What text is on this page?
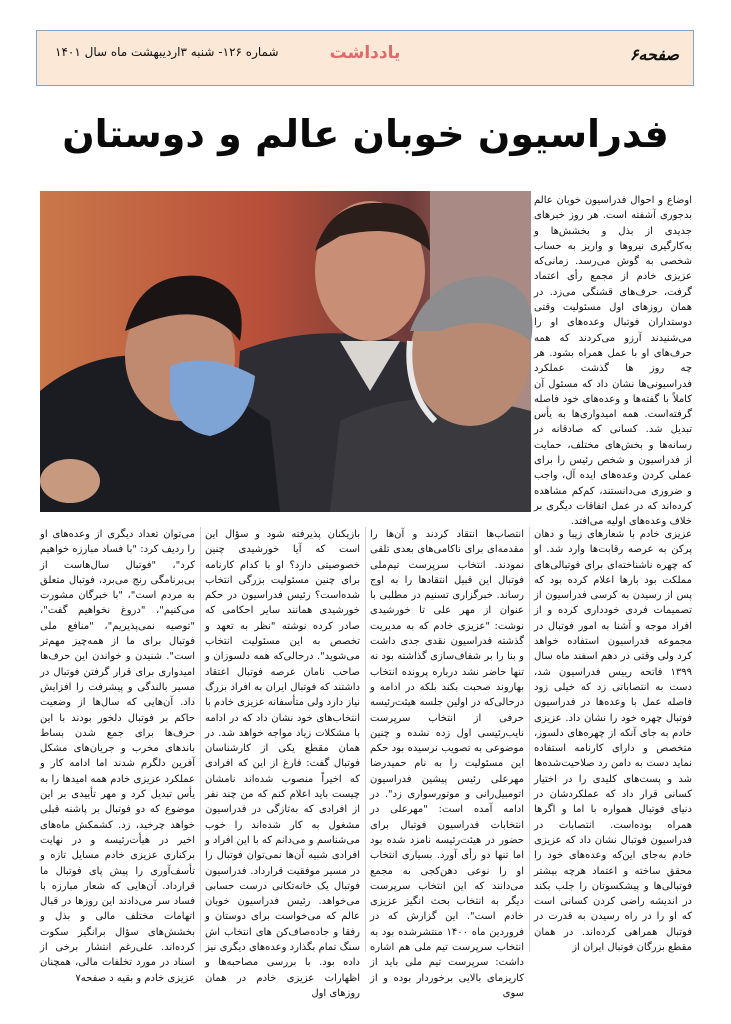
صفحه۶
یادداشت
شماره ۱۲۶- شنبه ۳اردیبهشت ماه سال ۱۴۰۱
فدراسیون خوبان عالم و دوستان

اوضاع و احوال فدراسیون خوبان عالم بدجوری آشفته است. هر روز خبرهای جدیدی از بذل و بخشش‌ها و به‌کارگیری نیروها و واریز به حساب شخصی به گوش می‌رسد. زمانی‌که عزیزی خادم از مجمع رأی اعتماد گرفت، حرف‌های قشنگی می‌زد. در همان روزهای اول مسئولیت وقتی دوستداران فوتبال وعده‌های او را می‌شنیدند آرزو می‌کردند که همه حرف‌های او با عمل همراه بشود. هر چه روز ها گذشت عملکرد فدراسیونی‌ها نشان داد که مسئول آن کاملاً با گفته‌ها و وعده‌های خود فاصله گرفته‌است. همه امیدواری‌ها به یأس تبدیل شد. کسانی که صادقانه در رسانه‌ها و بخش‌های مختلف، حمایت از فدراسیون و شخص رئیس را برای عملی کردن وعده‌های ایده آل، واجب و ضروری می‌دانستند، کم‌کم مشاهده کرده‌اند که در عمل اتفاقات دیگری بر خلاف وعده‌های اولیه می‌افتد.

عزیزی خادم با شعارهای زیبا و دهان پرکن به عرصه رقابت‌ها وارد شد. او که چهره ناشناخته‌ای برای فوتبالی‌های مملکت بود بارها اعلام کرده بود که پس از رسیدن به کرسی فدراسیون از تصمیمات فردی خودداری کرده و از افراد موجه و آشنا به امور فوتبال در مجموعه فدراسیون استفاده خواهد کرد ولی وقتی در دهم اسفند ماه سال ۱۳۹۹ فاتحه رییس فدراسیون شد، دست به انتصاباتی زد که خیلی زود فاصله عمل با وعده‌ها در فدراسیون فوتبال چهره خود را نشان داد. عزیزی خادم به جای آنکه از چهره‌های دلسوز، متخصص و دارای کارنامه استفاده نماید دست به دامن رد صلاحیت‌شده‌ها شد و پست‌های کلیدی را در اختیار کسانی قرار داد که عملکردشان در دنیای فوتبال همواره با اما و اگرها همراه بوده‌است. انتصابات در فدراسیون فوتبال نشان داد که عزیزی خادم به‌جای این‌که وعده‌های خود را محقق ساخته و اعتماد هرچه بیشتر فوتبالی‌ها و پیشکسوتان را جلب بکند در اندیشه راضی کردن کسانی است که او را در راه رسیدن به قدرت در فوتبال همراهی کرده‌اند. در همان مقطع بزرگان فوتبال ایران از

انتصاب‌ها انتقاد کردند و آن‌ها را مقدمه‌ای برای ناکامی‌های بعدی تلقی نمودند. انتخاب سرپرست تیم‌ملی فوتبال این قبیل انتقادها را به اوج رساند. خبرگزاری تسنیم در مطلبی با عنوان از مهر علی تا خورشیدی نوشت: "عزیزی خادم که به مدیریت گذشته فدراسیون نقدی جدی داشت و بنا را بر شفاف‌سازی گذاشته بود نه تنها حاضر نشد درباره پرونده انتخاب بهاروند صحبت بکند بلکه در ادامه و درحالی‌که در اولین جلسه هیئت‌رئیسه حرفی از انتخاب سرپرست نایب‌رئیسی اول زده نشده و چنین موضوعی به تصویب نرسیده بود حکم این مسئولیت را به نام حمیدرضا مهرعلی رئیس پیشین فدراسیون اتومبیل‌رانی و موتورسواری زد". در ادامه آمده است: "مهرعلی در انتخابات فدراسیون فوتبال برای حضور در هیئت‌رئیسه نامزد شده بود اما تنها دو رأی آورد. بسیاری انتخاب او را نوعی دهن‌کجی به مجمع می‌دانند که این انتخاب سرپرست دیگر به انتخاب بحث انگیز عزیزی خادم است". این گزارش که در فروردین ماه ۱۴۰۰ منتشرشده بود به انتخاب سرپرست تیم ملی هم اشاره داشت: سرپرست تیم ملی باید از کاریزمای بالایی برخوردار بوده و از سوی

بازیکنان پذیرفته شود و سؤال این است که آیا خورشیدی چنین خصوصیتی دارد؟ او با کدام کارنامه برای چنین مسئولیت بزرگی انتخاب شده‌است؟ رئیس فدراسیون در حکم خورشیدی همانند سایر احکامی که صادر کرده نوشته "نظر به تعهد و تخصص به این مسئولیت انتخاب می‌شوید". درحالی‌که همه دلسوزان و صاحب نامان عرصه فوتبال اعتقاد داشتند که فوتبال ایران به افراد بزرگ نیاز دارد ولی متأسفانه عزیزی خادم با انتخاب‌های خود نشان داد که در ادامه با مشکلات زیاد مواجه خواهد شد. در همان مقطع یکی از کارشناسان فوتبال گفت: فارغ از این که افرادی که اخیراً منصوب شده‌اند نامشان چیست باید اعلام کنم که من چند نفر از افرادی که به‌تازگی در فدراسیون مشغول به کار شده‌اند را خوب می‌شناسم و می‌دانم که با این افراد و افرادی شبیه آن‌ها نمی‌توان فوتبال را در مسیر موفقیت قرارداد. فدراسیون فوتبال یک خانه‌تکانی درست حسابی می‌خواهد. رئیس فدراسیون خوبان عالم که می‌خواست برای دوستان و رفقا و جاده‌صاف‌کن های انتخاب اش سنگ تمام بگذارد وعده‌های دیگری نیز داده بود. با بررسی مصاحبه‌ها و اظهارات عزیزی خادم در همان روزهای اول

می‌توان تعداد دیگری از وعده‌های او را ردیف کرد: "با فساد مبارزه خواهیم کرد"، "فوتبال سال‌هاست از بی‌برنامگی رنج می‌برد، فوتبال متعلق به مردم است"، "با خبرگان مشورت می‌کنیم"، "دروغ نخواهیم گفت"، "توصیه نمی‌پذیریم"، "منافع ملی فوتبال برای ما از همه‌چیز مهم‌تر است". شنیدن و خواندن این حرف‌ها امیدواری برای قرار گرفتن فوتبال در مسیر بالندگی و پیشرفت را افزایش داد. آن‌هایی که سال‌ها از وضعیت حاکم بر فوتبال دلخور بودند با این حرف‌ها برای جمع شدن بساط باندهای مخرب و جریان‌های مشکل آفرین دلگرم شدند اما ادامه کار و عملکرد عزیزی خادم همه امیدها را به یأس تبدیل کرد و مهر تأییدی بر این موضوع که دو فوتبال بر پاشنه قبلی خواهد چرخید، زد. کشمکش ماه‌های اخیر در هیأت‌رئیسه و در نهایت برکناری عزیزی خادم مسایل تازه و تأسف‌آوری را پیش پای فوتبال ما قرارداد. آن‌هایی که شعار مبارزه با فساد سر می‌دادند این روزها در قبال اتهامات مختلف مالی و بذل و بخشش‌های سؤال برانگیز سکوت کرده‌اند. علی‌رغم انتشار برخی از اسناد در مورد تخلفات مالی، همچنان عزیزی خادم و بقیه د صفحه۷
